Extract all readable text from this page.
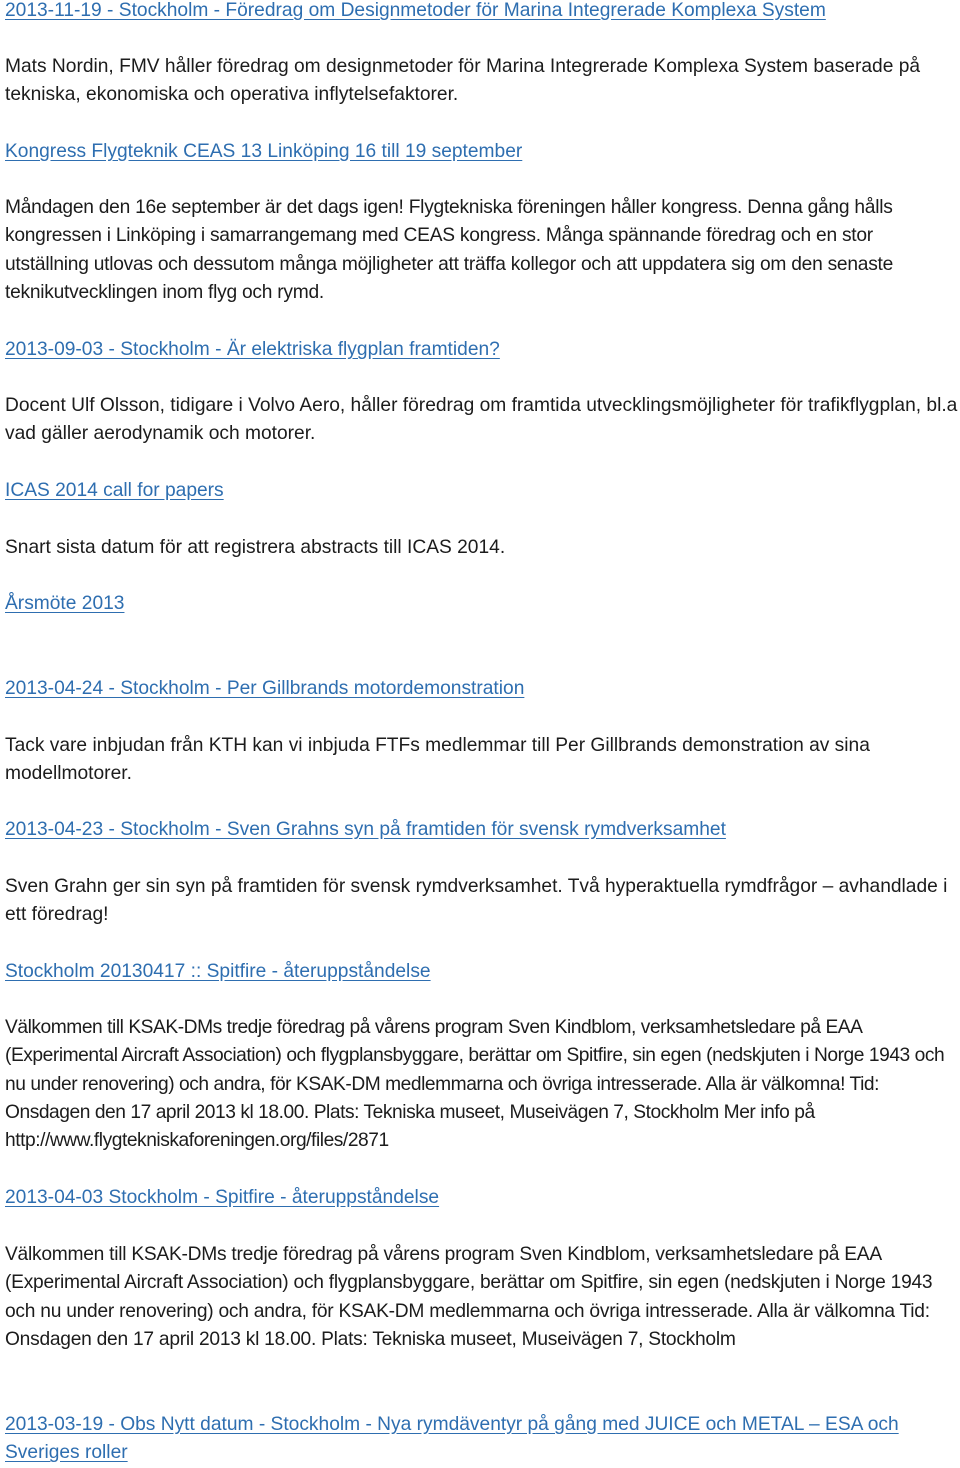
2013-11-19 - Stockholm - Föredrag om Designmetoder för Marina Integrerade Komplexa System
Mats Nordin, FMV håller föredrag om designmetoder för Marina Integrerade Komplexa System baserade på tekniska, ekonomiska och operativa inflytelsefaktorer.
Kongress Flygteknik CEAS 13 Linköping 16 till 19 september
Måndagen den 16e september är det dags igen! Flygtekniska föreningen håller kongress. Denna gång hålls kongressen i Linköping i samarrangemang med CEAS kongress. Många spännande föredrag och en stor utställning utlovas och dessutom många möjligheter att träffa kollegor och att uppdatera sig om den senaste teknikutvecklingen inom flyg och rymd.
2013-09-03 - Stockholm - Är elektriska flygplan framtiden?
Docent Ulf Olsson, tidigare i Volvo Aero, håller föredrag om framtida utvecklingsmöjligheter för trafikflygplan, bl.a vad gäller aerodynamik och motorer.
ICAS 2014 call for papers
Snart sista datum för att registrera abstracts till ICAS 2014.
Årsmöte 2013
2013-04-24 - Stockholm - Per Gillbrands motordemonstration
Tack vare inbjudan från KTH kan vi inbjuda FTFs medlemmar till Per Gillbrands demonstration av sina modellmotorer.
2013-04-23 - Stockholm - Sven Grahns syn på framtiden för svensk rymdverksamhet
Sven Grahn ger sin syn på framtiden för svensk rymdverksamhet. Två hyperaktuella rymdfrågor – avhandlade i ett föredrag!
Stockholm 20130417 :: Spitfire - återuppståndelse
Välkommen till KSAK-DMs tredje föredrag på vårens program Sven Kindblom, verksamhetsledare på EAA (Experimental Aircraft Association) och flygplansbyggare, berättar om Spitfire, sin egen (nedskjuten i Norge 1943 och nu under renovering) och andra, för KSAK-DM medlemmarna och övriga intresserade. Alla är välkomna! Tid: Onsdagen den 17 april 2013 kl 18.00. Plats: Tekniska museet, Museivägen 7, Stockholm Mer info på http://www.flygtekniskaforeningen.org/files/2871
2013-04-03 Stockholm - Spitfire - återuppståndelse
Välkommen till KSAK-DMs tredje föredrag på vårens program Sven Kindblom, verksamhetsledare på EAA (Experimental Aircraft Association) och flygplansbyggare, berättar om Spitfire, sin egen (nedskjuten i Norge 1943 och nu under renovering) och andra, för KSAK-DM medlemmarna och övriga intresserade. Alla är välkomna Tid: Onsdagen den 17 april 2013 kl 18.00. Plats: Tekniska museet, Museivägen 7, Stockholm
2013-03-19 - Obs Nytt datum - Stockholm - Nya rymdäventyr på gång med JUICE och METAL – ESA och Sveriges roller
